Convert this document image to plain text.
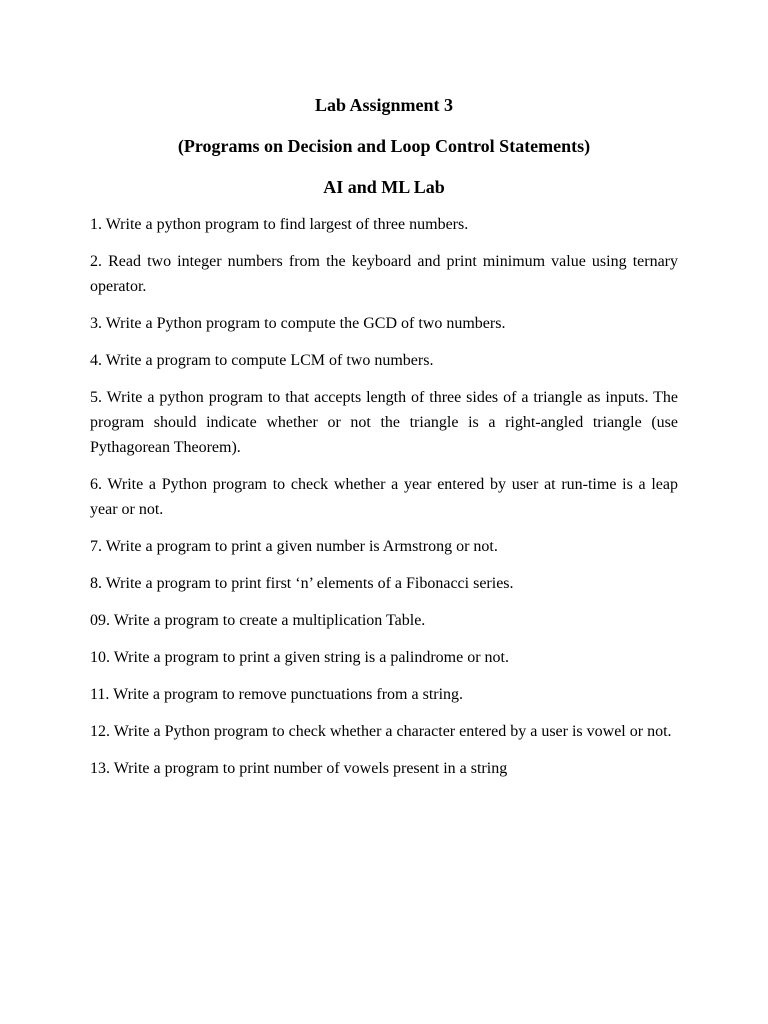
Lab Assignment 3
(Programs on Decision and Loop Control Statements)
AI and ML Lab
1. Write a python program to find largest of three numbers.
2. Read two integer numbers from the keyboard and print minimum value using ternary operator.
3. Write a Python program to compute the GCD of two numbers.
4. Write a program to compute LCM of two numbers.
5. Write a python program to that accepts length of three sides of a triangle as inputs. The program should indicate whether or not the triangle is a right-angled triangle (use Pythagorean Theorem).
6. Write a Python program to check whether a year entered by user at run-time is a leap year or not.
7. Write a program to print a given number is Armstrong or not.
8. Write a program to print first ‘n’ elements of a Fibonacci series.
09. Write a program to create a multiplication Table.
10. Write a program to print a given string is a palindrome or not.
11. Write a program to remove punctuations from a string.
12. Write a Python program to check whether a character entered by a user is vowel or not.
13. Write a program to print number of vowels present in a string
